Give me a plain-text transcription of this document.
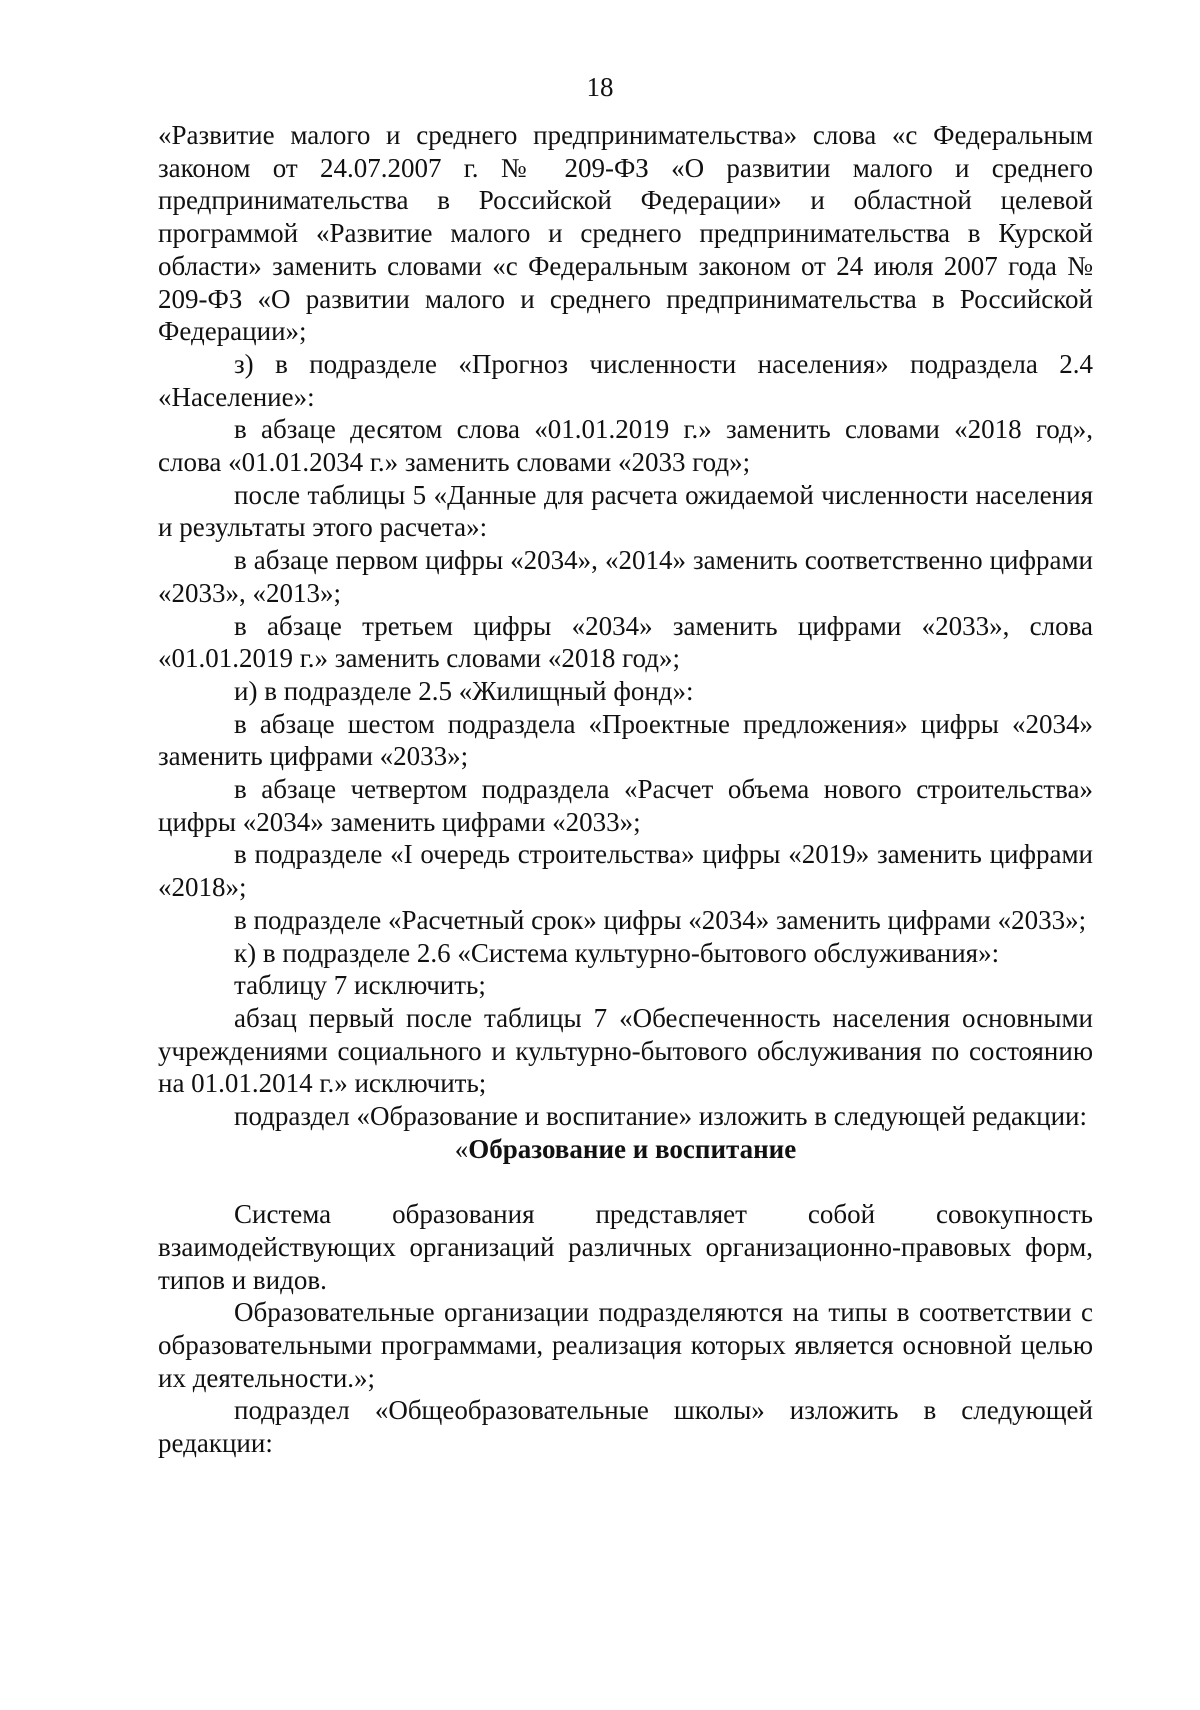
18

«Развитие малого и среднего предпринимательства» слова «с Федеральным законом от 24.07.2007 г. № 209-ФЗ «О развитии малого и среднего предпринимательства в Российской Федерации» и областной целевой программой «Развитие малого и среднего предпринимательства в Курской области» заменить словами «с Федеральным законом от 24 июля 2007 года № 209-ФЗ «О развитии малого и среднего предпринимательства в Российской Федерации»;

з) в подразделе «Прогноз численности населения» подраздела 2.4 «Население»:

в абзаце десятом слова «01.01.2019 г.» заменить словами «2018 год», слова «01.01.2034 г.» заменить словами «2033 год»;

после таблицы 5 «Данные для расчета ожидаемой численности населения и результаты этого расчета»:

в абзаце первом цифры «2034», «2014» заменить соответственно цифрами «2033», «2013»;

в абзаце третьем цифры «2034» заменить цифрами «2033», слова «01.01.2019 г.» заменить словами «2018 год»;

и) в подразделе 2.5 «Жилищный фонд»:

в абзаце шестом подраздела «Проектные предложения» цифры «2034» заменить цифрами «2033»;

в абзаце четвертом подраздела «Расчет объема нового строительства» цифры «2034» заменить цифрами «2033»;

в подразделе «I очередь строительства» цифры «2019» заменить цифрами «2018»;

в подразделе «Расчетный срок» цифры «2034» заменить цифрами «2033»;

к) в подразделе 2.6 «Система культурно-бытового обслуживания»:

таблицу 7 исключить;

абзац первый после таблицы 7 «Обеспеченность населения основными учреждениями социального и культурно-бытового обслуживания по состоянию на 01.01.2014 г.» исключить;

подраздел «Образование и воспитание» изложить в следующей редакции:

«Образование и воспитание

Система образования представляет собой совокупность взаимодействующих организаций различных организационно-правовых форм, типов и видов.

Образовательные организации подразделяются на типы в соответствии с образовательными программами, реализация которых является основной целью их деятельности.»;

подраздел «Общеобразовательные школы» изложить в следующей редакции:
